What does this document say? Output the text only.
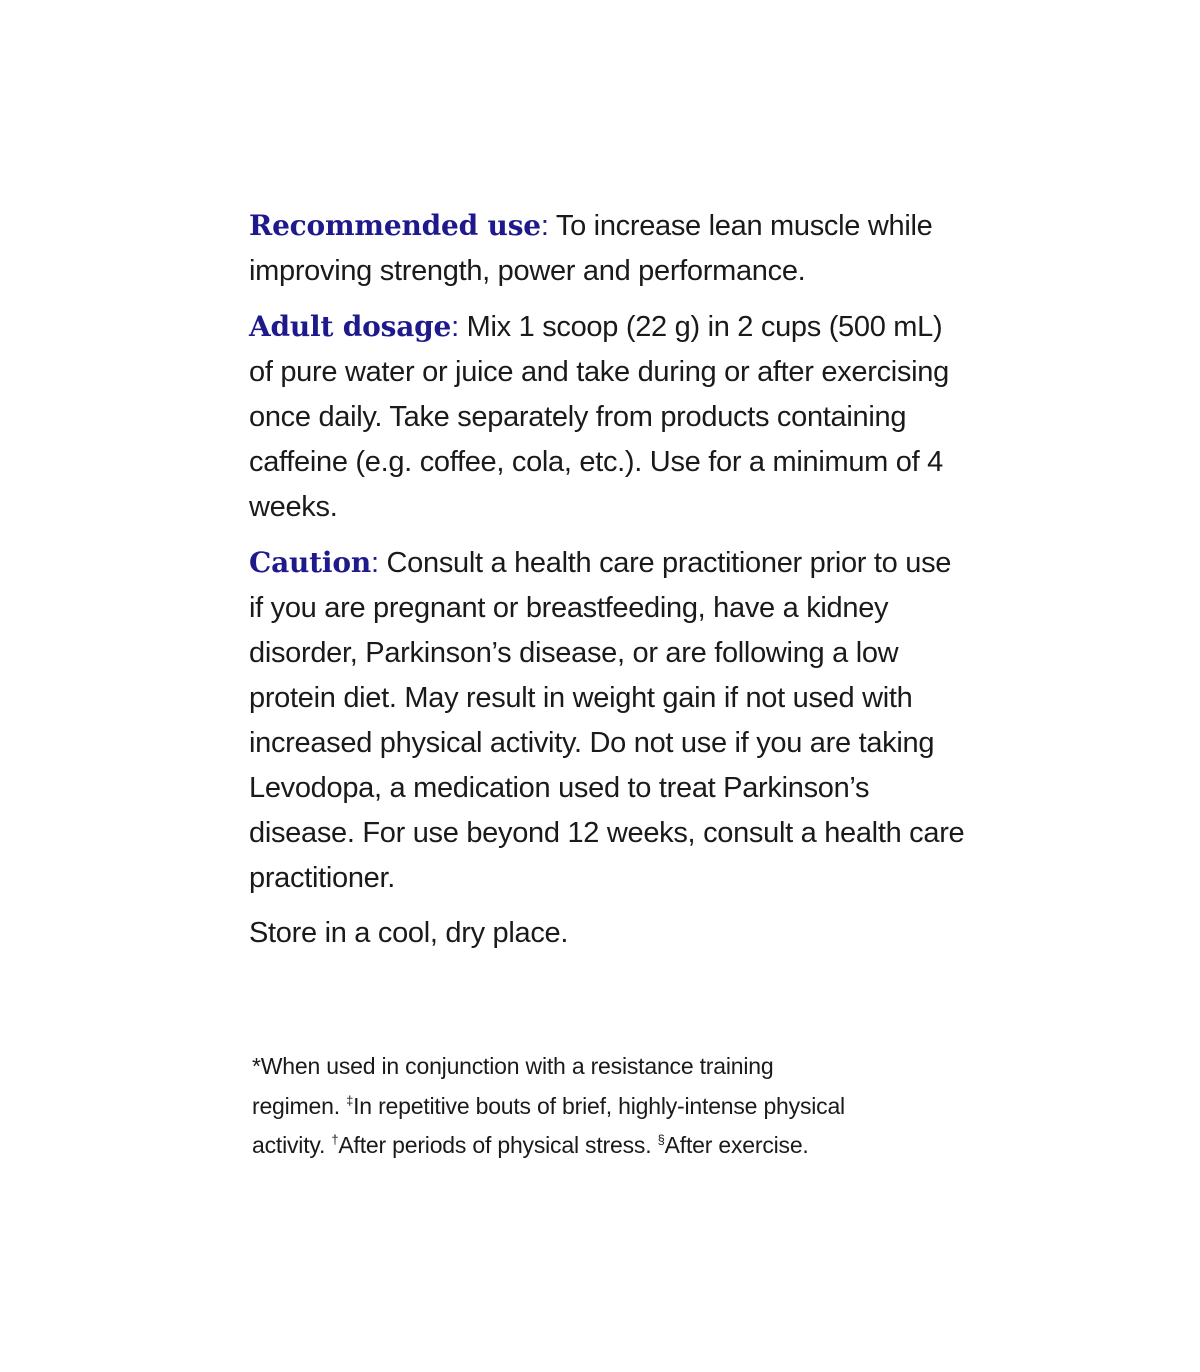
Recommended use: To increase lean muscle while improving strength, power and performance.

Adult dosage: Mix 1 scoop (22 g) in 2 cups (500 mL) of pure water or juice and take during or after exercising once daily. Take separately from products containing caffeine (e.g. coffee, cola, etc.). Use for a minimum of 4 weeks.

Caution: Consult a health care practitioner prior to use if you are pregnant or breastfeeding, have a kidney disorder, Parkinson’s disease, or are following a low protein diet. May result in weight gain if not used with increased physical activity. Do not use if you are taking Levodopa, a medication used to treat Parkinson’s disease. For use beyond 12 weeks, consult a health care practitioner.

Store in a cool, dry place.

*When used in conjunction with a resistance training
regimen. ‡In repetitive bouts of brief, highly-intense physical
activity. †After periods of physical stress. §After exercise.
